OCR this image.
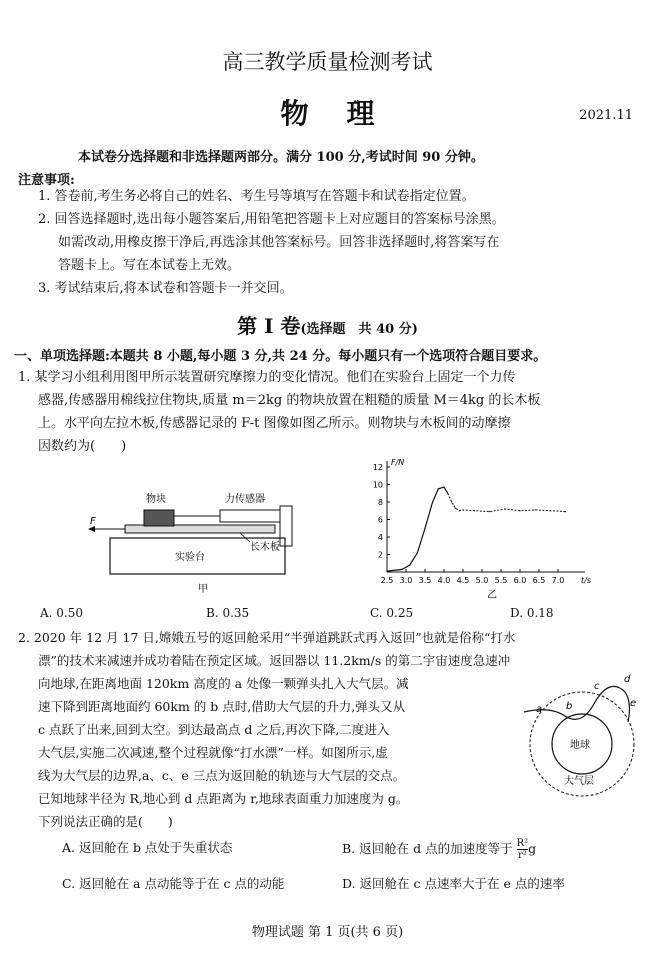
高三教学质量检测考试
物理	2021.11
本试卷分选择题和非选择题两部分。满分 100 分,考试时间 90 分钟。
注意事项:
1. 答卷前,考生务必将自己的姓名、考生号等填写在答题卡和试卷指定位置。
2. 回答选择题时,选出每小题答案后,用铅笔把答题卡上对应题目的答案标号涂黑。
如需改动,用橡皮擦干净后,再选涂其他答案标号。回答非选择题时,将答案写在
答题卡上。写在本试卷上无效。
3. 考试结束后,将本试卷和答题卡一并交回。
第 Ⅰ 卷(选择题　共 40 分)
一、单项选择题:本题共 8 小题,每小题 3 分,共 24 分。每小题只有一个选项符合题目要求。
1. 某学习小组利用图甲所示装置研究摩擦力的变化情况。他们在实验台上固定一个力传
感器,传感器用棉线拉住物块,质量 m＝2kg 的物块放置在粗糙的质量 M＝4kg 的长木板
上。水平向左拉木板,传感器记录的 F-t 图像如图乙所示。则物块与木板间的动摩擦
因数约为(　　)
F
物块	力传感器
长木板
实验台
甲
2
4
6
8
10
12
2.5 3.0 3.5 4.0 4.5 5.0 5.5 6.0 6.5 7.0
F/N
t/s
乙
A. 0.50	B. 0.35	C. 0.25	D. 0.18
2. 2020 年 12 月 17 日,嫦娥五号的返回舱采用“半弹道跳跃式再入返回”也就是俗称“打水
漂”的技术来减速并成功着陆在预定区域。返回器以 11.2km/s 的第二宇宙速度急速冲
向地球,在距离地面 120km 高度的 a 处像一颗弹头扎入大气层。减
速下降到距离地面约 60km 的 b 点时,借助大气层的升力,弹头又从
c 点跃了出来,回到太空。到达最高点 d 之后,再次下降,二度进入
大气层,实施二次减速,整个过程就像“打水漂”一样。如图所示,虚
线为大气层的边界,a、c、e 三点为返回舱的轨迹与大气层的交点。
已知地球半径为 R,地心到 d 点距离为 r,地球表面重力加速度为 g。
下列说法正确的是(　　)
a b
c
d
e
地球
大气层
A. 返回舱在 b 点处于失重状态	B. 返回舱在 d 点的加速度等于 $\frac{\text{R²}}{\text{r²}}$ g
C. 返回舱在 a 点动能等于在 c 点的动能	D. 返回舱在 c 点速率大于在 e 点的速率
物理试题 第 1 页(共 6 页)
